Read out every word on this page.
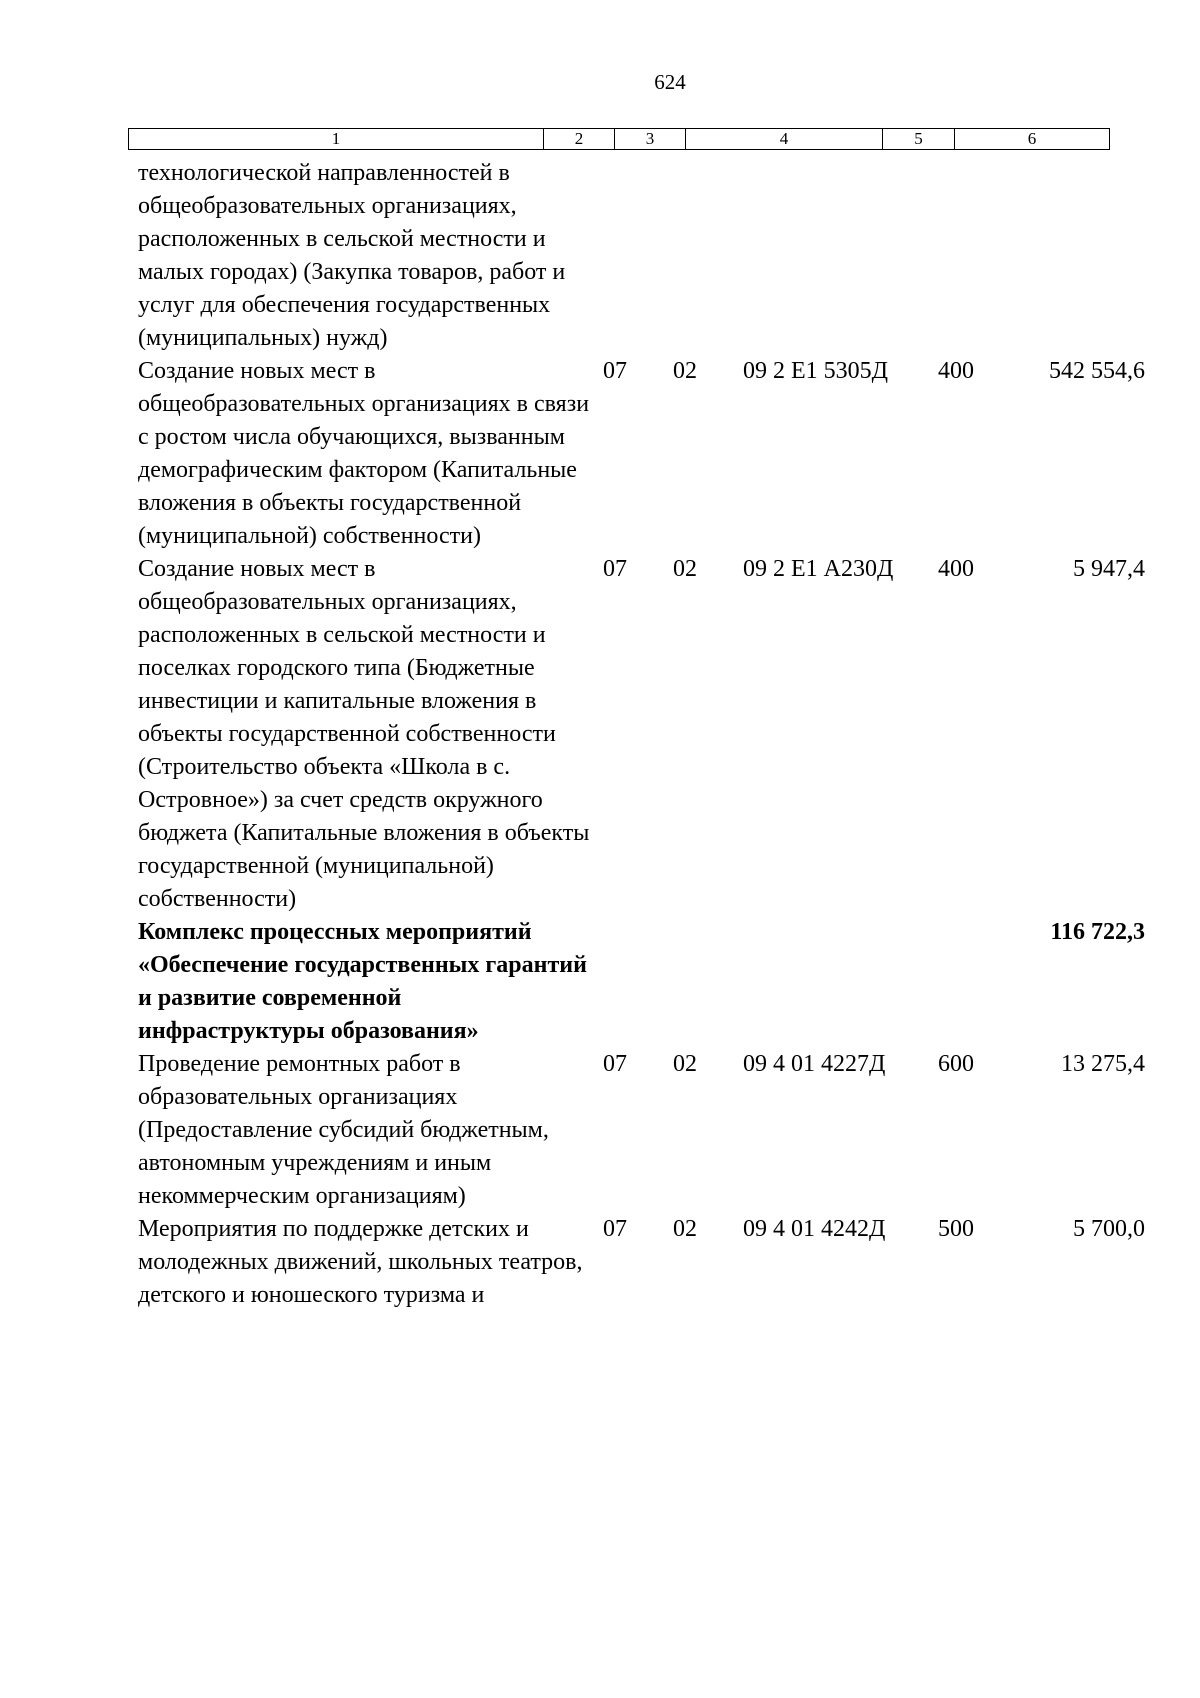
624
1	2	3	4	5	6
технологической направленностей в общеобразовательных организациях, расположенных в сельской местности и малых городах) (Закупка товаров, работ и услуг для обеспечения государственных (муниципальных) нужд)					
Создание новых мест в общеобразовательных организациях в связи с ростом числа обучающихся, вызванным демографическим фактором (Капитальные вложения в объекты государственной (муниципальной) собственности)	07	02	09 2 Е1 5305Д	400	542 554,6
Создание новых мест в общеобразовательных организациях, расположенных в сельской местности и поселках городского типа (Бюджетные инвестиции и капитальные вложения в объекты государственной собственности (Строительство объекта «Школа в с. Островное») за счет средств окружного бюджета (Капитальные вложения в объекты государственной (муниципальной) собственности)	07	02	09 2 Е1 А230Д	400	5 947,4
Комплекс процессных мероприятий «Обеспечение государственных гарантий и развитие современной инфраструктуры образования»					116 722,3
Проведение ремонтных работ в образовательных организациях (Предоставление субсидий бюджетным, автономным учреждениям и иным некоммерческим организациям)	07	02	09 4 01 4227Д	600	13 275,4
Мероприятия по поддержке детских и молодежных движений, школьных театров, детского и юношеского туризма и	07	02	09 4 01 4242Д	500	5 700,0
